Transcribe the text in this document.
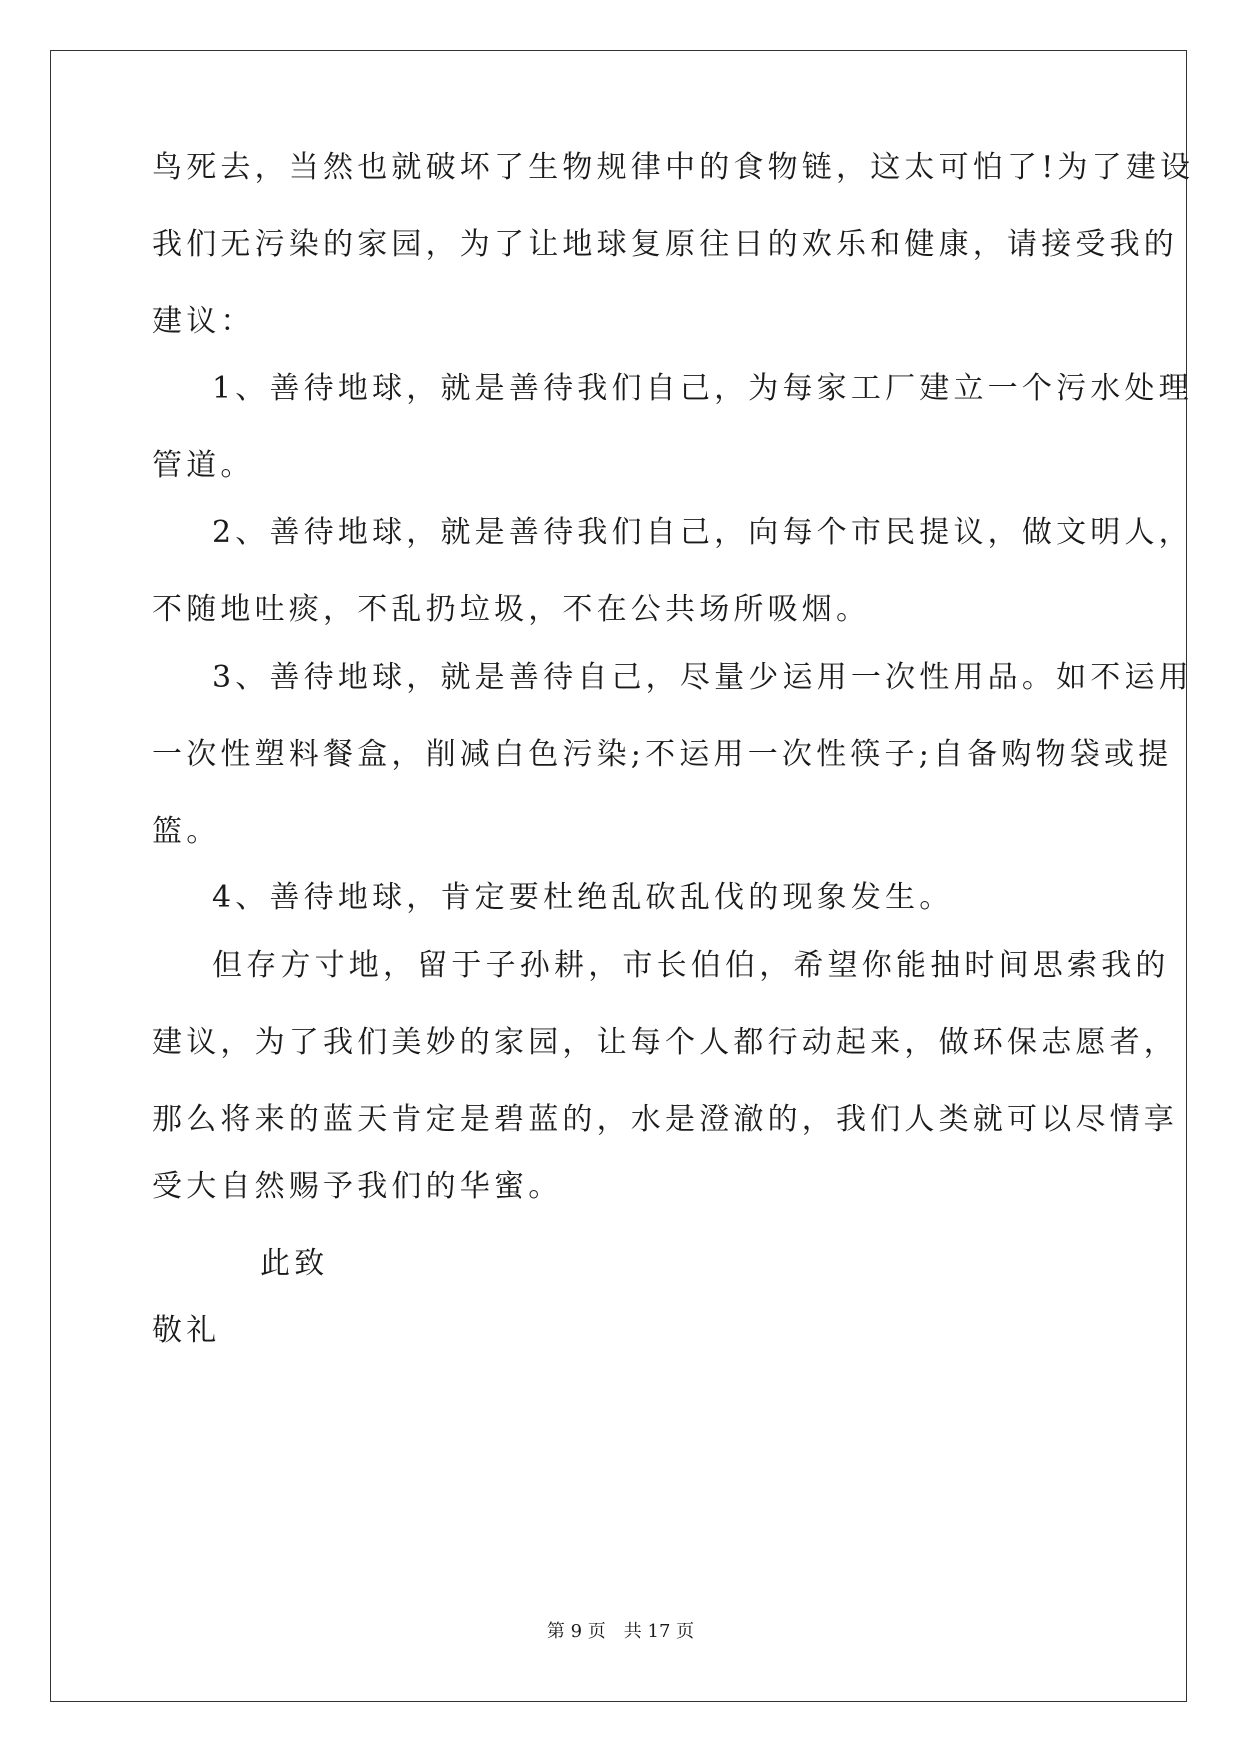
鸟死去，当然也就破坏了生物规律中的食物链，这太可怕了!为了建设
我们无污染的家园，为了让地球复原往日的欢乐和健康，请接受我的
建议：
1、善待地球，就是善待我们自己，为每家工厂建立一个污水处理
管道。
2、善待地球，就是善待我们自己，向每个市民提议，做文明人，
不随地吐痰，不乱扔垃圾，不在公共场所吸烟。
3、善待地球，就是善待自己，尽量少运用一次性用品。如不运用
一次性塑料餐盒，削减白色污染;不运用一次性筷子;自备购物袋或提
篮。
4、善待地球，肯定要杜绝乱砍乱伐的现象发生。
但存方寸地，留于子孙耕，市长伯伯，希望你能抽时间思索我的
建议，为了我们美妙的家园，让每个人都行动起来，做环保志愿者，
那么将来的蓝天肯定是碧蓝的，水是澄澈的，我们人类就可以尽情享
受大自然赐予我们的华蜜。
此致
敬礼
第 9 页　共 17 页
